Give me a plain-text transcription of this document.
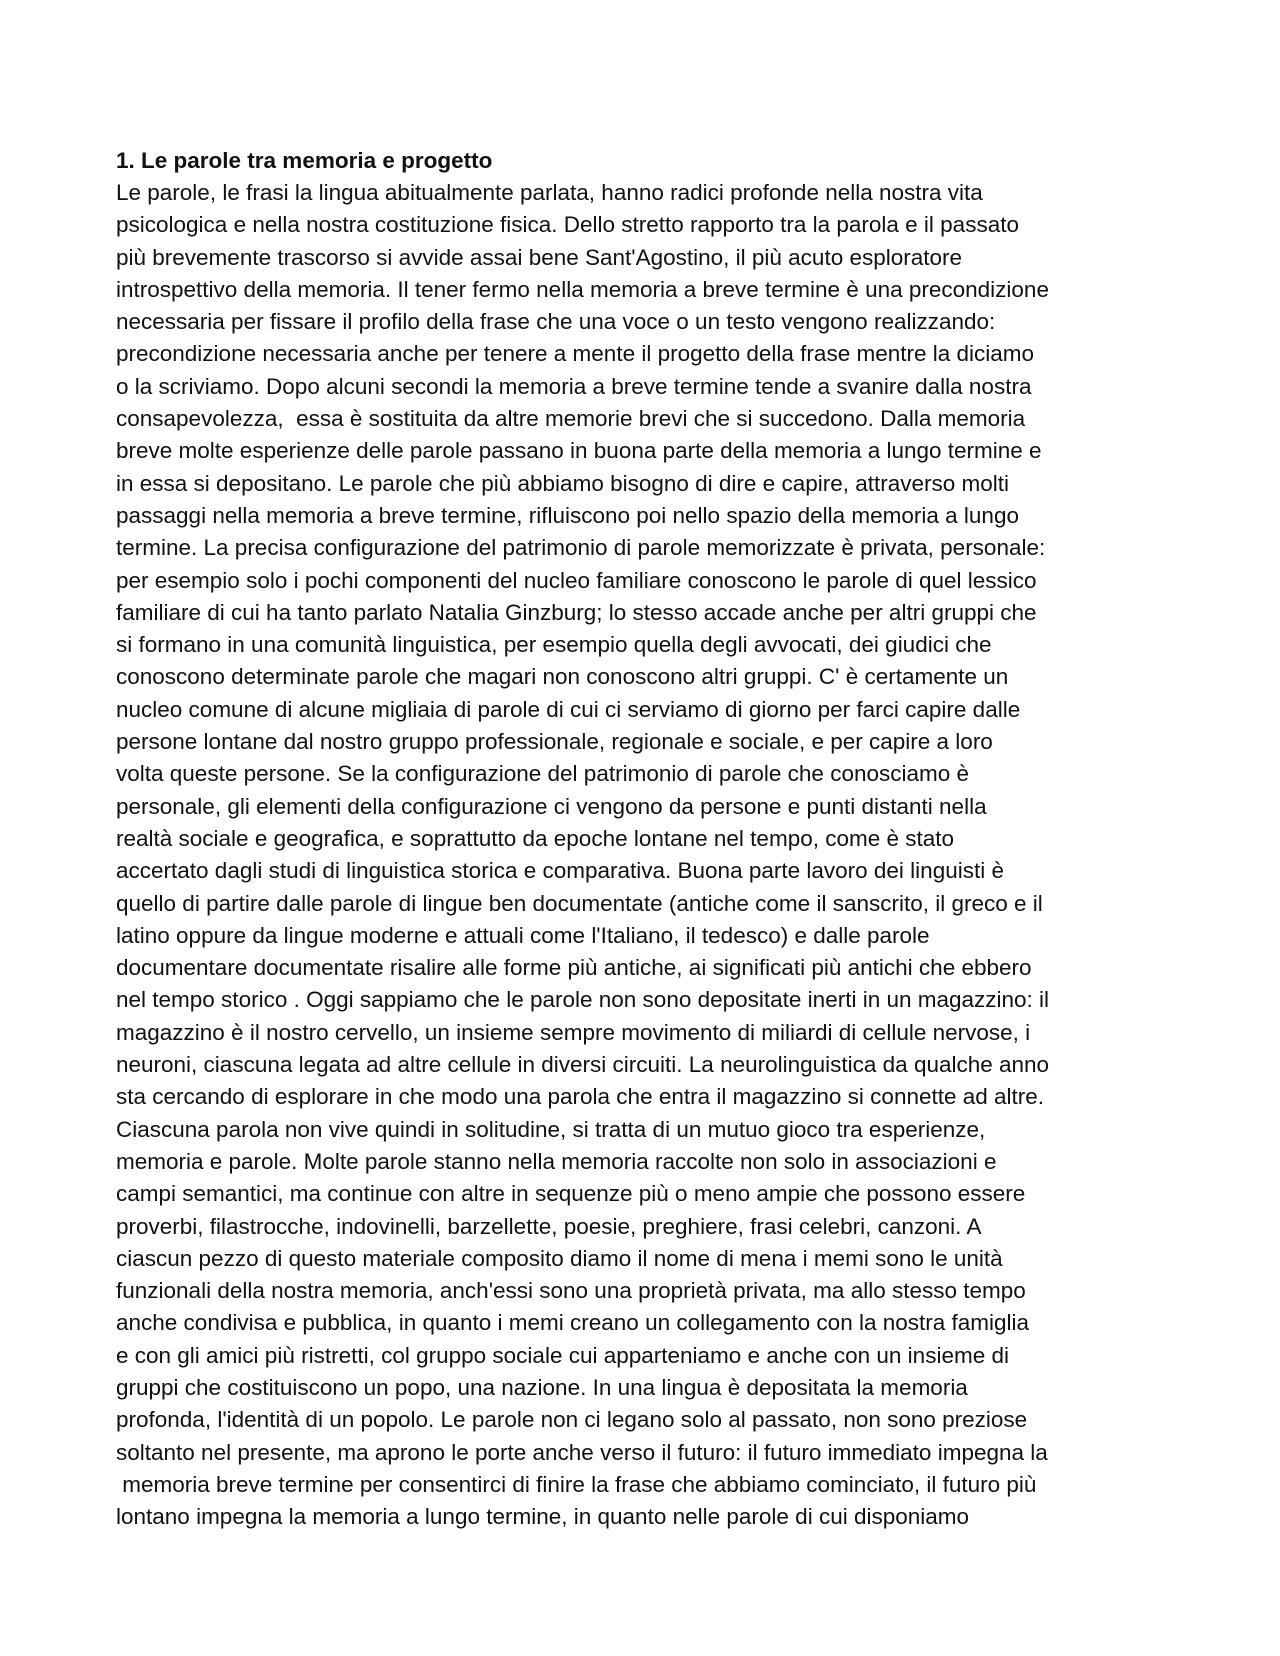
1. Le parole tra memoria e progetto
Le parole, le frasi la lingua abitualmente parlata, hanno radici profonde nella nostra vita
psicologica e nella nostra costituzione fisica. Dello stretto rapporto tra la parola e il passato
più brevemente trascorso si avvide assai bene Sant'Agostino, il più acuto esploratore
introspettivo della memoria. Il tener fermo nella memoria a breve termine è una precondizione
necessaria per fissare il profilo della frase che una voce o un testo vengono realizzando:
precondizione necessaria anche per tenere a mente il progetto della frase mentre la diciamo
o la scriviamo. Dopo alcuni secondi la memoria a breve termine tende a svanire dalla nostra
consapevolezza,  essa è sostituita da altre memorie brevi che si succedono. Dalla memoria
breve molte esperienze delle parole passano in buona parte della memoria a lungo termine e
in essa si depositano. Le parole che più abbiamo bisogno di dire e capire, attraverso molti
passaggi nella memoria a breve termine, rifluiscono poi nello spazio della memoria a lungo
termine. La precisa configurazione del patrimonio di parole memorizzate è privata, personale:
per esempio solo i pochi componenti del nucleo familiare conoscono le parole di quel lessico
familiare di cui ha tanto parlato Natalia Ginzburg; lo stesso accade anche per altri gruppi che
si formano in una comunità linguistica, per esempio quella degli avvocati, dei giudici che
conoscono determinate parole che magari non conoscono altri gruppi. C' è certamente un
nucleo comune di alcune migliaia di parole di cui ci serviamo di giorno per farci capire dalle
persone lontane dal nostro gruppo professionale, regionale e sociale, e per capire a loro
volta queste persone. Se la configurazione del patrimonio di parole che conosciamo è
personale, gli elementi della configurazione ci vengono da persone e punti distanti nella
realtà sociale e geografica, e soprattutto da epoche lontane nel tempo, come è stato
accertato dagli studi di linguistica storica e comparativa. Buona parte lavoro dei linguisti è
quello di partire dalle parole di lingue ben documentate (antiche come il sanscrito, il greco e il
latino oppure da lingue moderne e attuali come l'Italiano, il tedesco) e dalle parole
documentare documentate risalire alle forme più antiche, ai significati più antichi che ebbero
nel tempo storico . Oggi sappiamo che le parole non sono depositate inerti in un magazzino: il
magazzino è il nostro cervello, un insieme sempre movimento di miliardi di cellule nervose, i
neuroni, ciascuna legata ad altre cellule in diversi circuiti. La neurolinguistica da qualche anno
sta cercando di esplorare in che modo una parola che entra il magazzino si connette ad altre.
Ciascuna parola non vive quindi in solitudine, si tratta di un mutuo gioco tra esperienze,
memoria e parole. Molte parole stanno nella memoria raccolte non solo in associazioni e
campi semantici, ma continue con altre in sequenze più o meno ampie che possono essere
proverbi, filastrocche, indovinelli, barzellette, poesie, preghiere, frasi celebri, canzoni. A
ciascun pezzo di questo materiale composito diamo il nome di mena i memi sono le unità
funzionali della nostra memoria, anch'essi sono una proprietà privata, ma allo stesso tempo
anche condivisa e pubblica, in quanto i memi creano un collegamento con la nostra famiglia
e con gli amici più ristretti, col gruppo sociale cui apparteniamo e anche con un insieme di
gruppi che costituiscono un popo, una nazione. In una lingua è depositata la memoria
profonda, l'identità di un popolo. Le parole non ci legano solo al passato, non sono preziose
soltanto nel presente, ma aprono le porte anche verso il futuro: il futuro immediato impegna la
memoria breve termine per consentirci di finire la frase che abbiamo cominciato, il futuro più
lontano impegna la memoria a lungo termine, in quanto nelle parole di cui disponiamo
